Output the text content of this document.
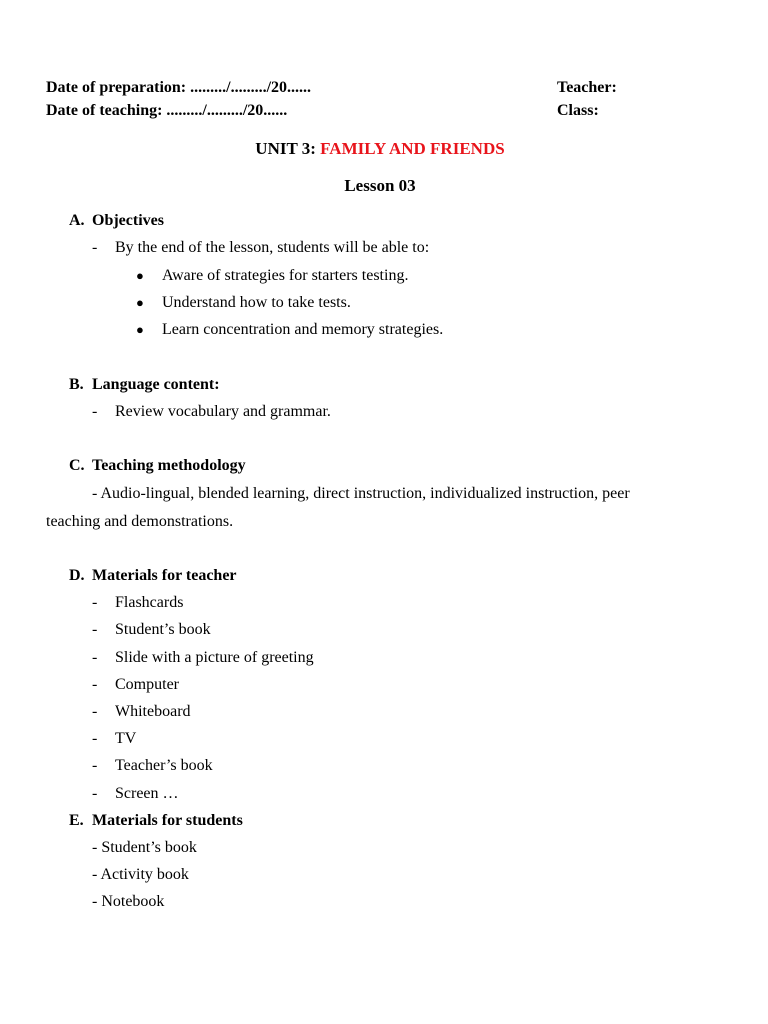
Date of preparation: ........./........./20......
Date of teaching: ........./........./20......
Teacher:
Class:
UNIT 3: FAMILY AND FRIENDS
Lesson 03
A. Objectives
- By the end of the lesson, students will be able to:
● Aware of strategies for starters testing.
● Understand how to take tests.
● Learn concentration and memory strategies.
B. Language content:
- Review vocabulary and grammar.
C. Teaching methodology
- Audio-lingual, blended learning, direct instruction, individualized instruction, peer
teaching and demonstrations.
D. Materials for teacher
- Flashcards
- Student’s book
- Slide with a picture of greeting
- Computer
- Whiteboard
- TV
- Teacher’s book
- Screen …
E. Materials for students
- Student’s book
- Activity book
- Notebook
